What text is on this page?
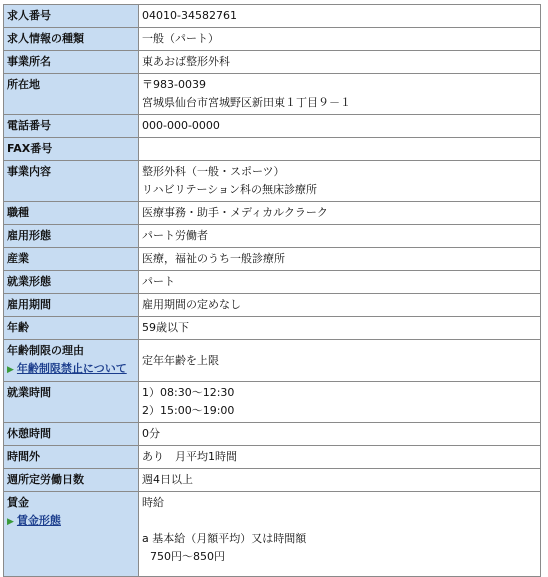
求人番号	04010-34582761
求人情報の種類	一般（パート）
事業所名	東あおば整形外科
所在地	〒983-0039
宮城県仙台市宮城野区新田東１丁目９－１

電話番号	000-000-0000
FAX番号	
事業内容	整形外科（一般・スポーツ）
リハビリテーション科の無床診療所

職種	医療事務・助手・メディカルクラーク
雇用形態	パート労働者
産業	医療，福祉のうち一般診療所
就業形態	パート
雇用期間	雇用期間の定めなし
年齢	59歳以下

年齢制限の理由
▶ 年齢制限禁止について	定年年齢を上限
就業時間	1）08:30〜12:30
2）15:00〜19:00

休憩時間	0分
時間外	あり　月平均1時間
週所定労働日数	週4日以上

賃金
▶ 賃金形態	時給
a 基本給（月額平均）又は時間額
750円〜850円
